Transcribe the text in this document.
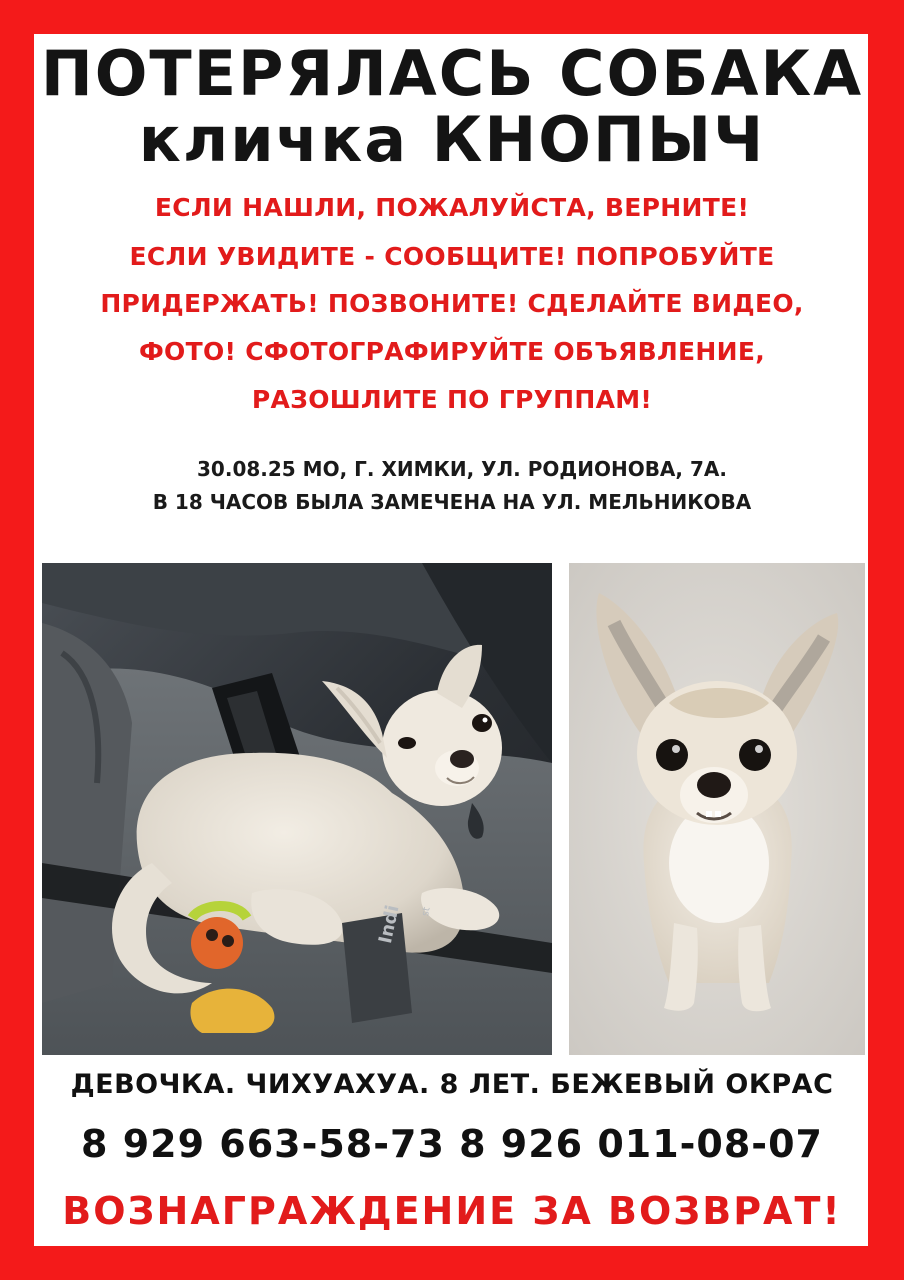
ПОТЕРЯЛАСЬ СОБАКА
кличка КНОПЫЧ
ЕСЛИ НАШЛИ, ПОЖАЛУЙСТА, ВЕРНИТЕ!
ЕСЛИ УВИДИТЕ - СООБЩИТЕ! ПОПРОБУЙТЕ
ПРИДЕРЖАТЬ! ПОЗВОНИТЕ! СДЕЛАЙТЕ ВИДЕО,
ФОТО! СФОТОГРАФИРУЙТЕ ОБЪЯВЛЕНИЕ,
РАЗОШЛИТЕ ПО ГРУППАМ!
30.08.25 МО, Г. ХИМКИ, УЛ. РОДИОНОВА, 7А.
В 18 ЧАСОВ БЫЛА ЗАМЕЧЕНА НА УЛ. МЕЛЬНИКОВА
Indi	st
ДЕВОЧКА. ЧИХУАХУА. 8 ЛЕТ. БЕЖЕВЫЙ ОКРАС
8 929 663-58-73 8 926 011-08-07
ВОЗНАГРАЖДЕНИЕ ЗА ВОЗВРАТ!
